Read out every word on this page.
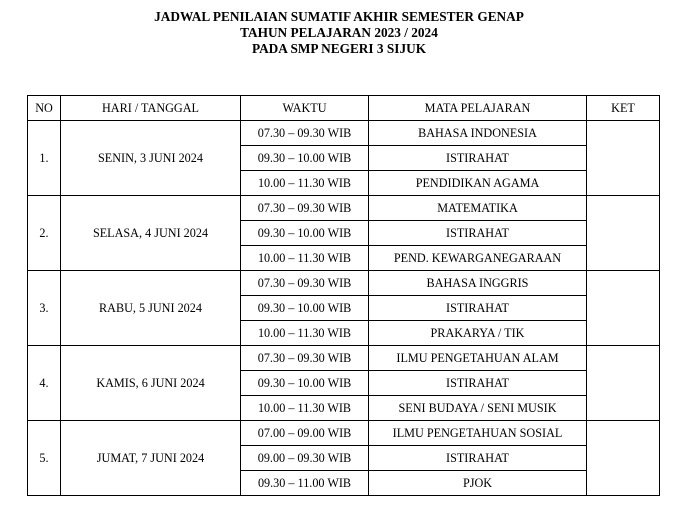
JADWAL PENILAIAN SUMATIF AKHIR SEMESTER GENAP
TAHUN PELAJARAN 2023 / 2024
PADA SMP NEGERI 3 SIJUK
NO	HARI / TANGGAL	WAKTU	MATA PELAJARAN	KET
1.	SENIN, 3 JUNI 2024	07.30 – 09.30 WIB	BAHASA INDONESIA	
		09.30 – 10.00 WIB	ISTIRAHAT	
		10.00 – 11.30 WIB	PENDIDIKAN AGAMA	
2.	SELASA, 4 JUNI 2024	07.30 – 09.30 WIB	MATEMATIKA	
		09.30 – 10.00 WIB	ISTIRAHAT	
		10.00 – 11.30 WIB	PEND. KEWARGANEGARAAN	
3.	RABU, 5 JUNI 2024	07.30 – 09.30 WIB	BAHASA INGGRIS	
		09.30 – 10.00 WIB	ISTIRAHAT	
		10.00 – 11.30 WIB	PRAKARYA / TIK	
4.	KAMIS, 6 JUNI 2024	07.30 – 09.30 WIB	ILMU PENGETAHUAN ALAM	
		09.30 – 10.00 WIB	ISTIRAHAT	
		10.00 – 11.30 WIB	SENI BUDAYA / SENI MUSIK	
5.	JUMAT, 7 JUNI 2024	07.00 – 09.00 WIB	ILMU PENGETAHUAN SOSIAL	
		09.00 – 09.30 WIB	ISTIRAHAT	
		09.30 – 11.00 WIB	PJOK	
